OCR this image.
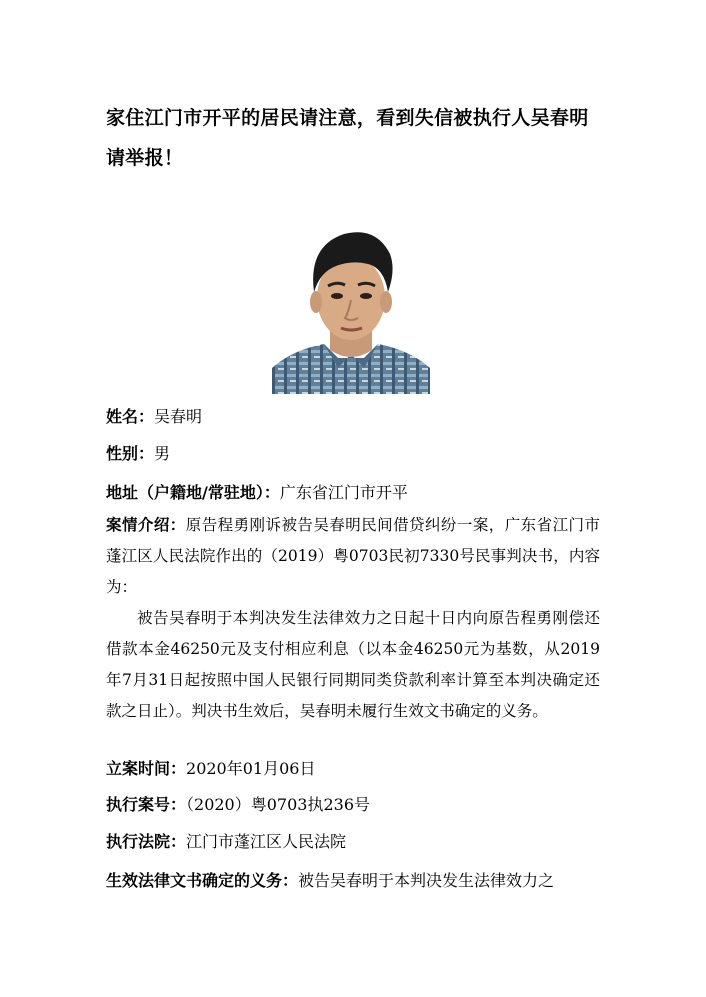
家住江门市开平的居民请注意，看到失信被执行人吴春明请举报！
姓名：吴春明
性别：男
地址（户籍地/常驻地）：广东省江门市开平
案情介绍：原告程勇刚诉被告吴春明民间借贷纠纷一案，广东省江门市蓬江区人民法院作出的（2019）粤0703民初7330号民事判决书，内容为：
被告吴春明于本判决发生法律效力之日起十日内向原告程勇刚偿还借款本金46250元及支付相应利息（以本金46250元为基数，从2019年7月31日起按照中国人民银行同期同类贷款利率计算至本判决确定还款之日止）。判决书生效后，吴春明未履行生效文书确定的义务。
立案时间：2020年01月06日
执行案号：（2020）粤0703执236号
执行法院：江门市蓬江区人民法院
生效法律文书确定的义务：被告吴春明于本判决发生法律效力之
